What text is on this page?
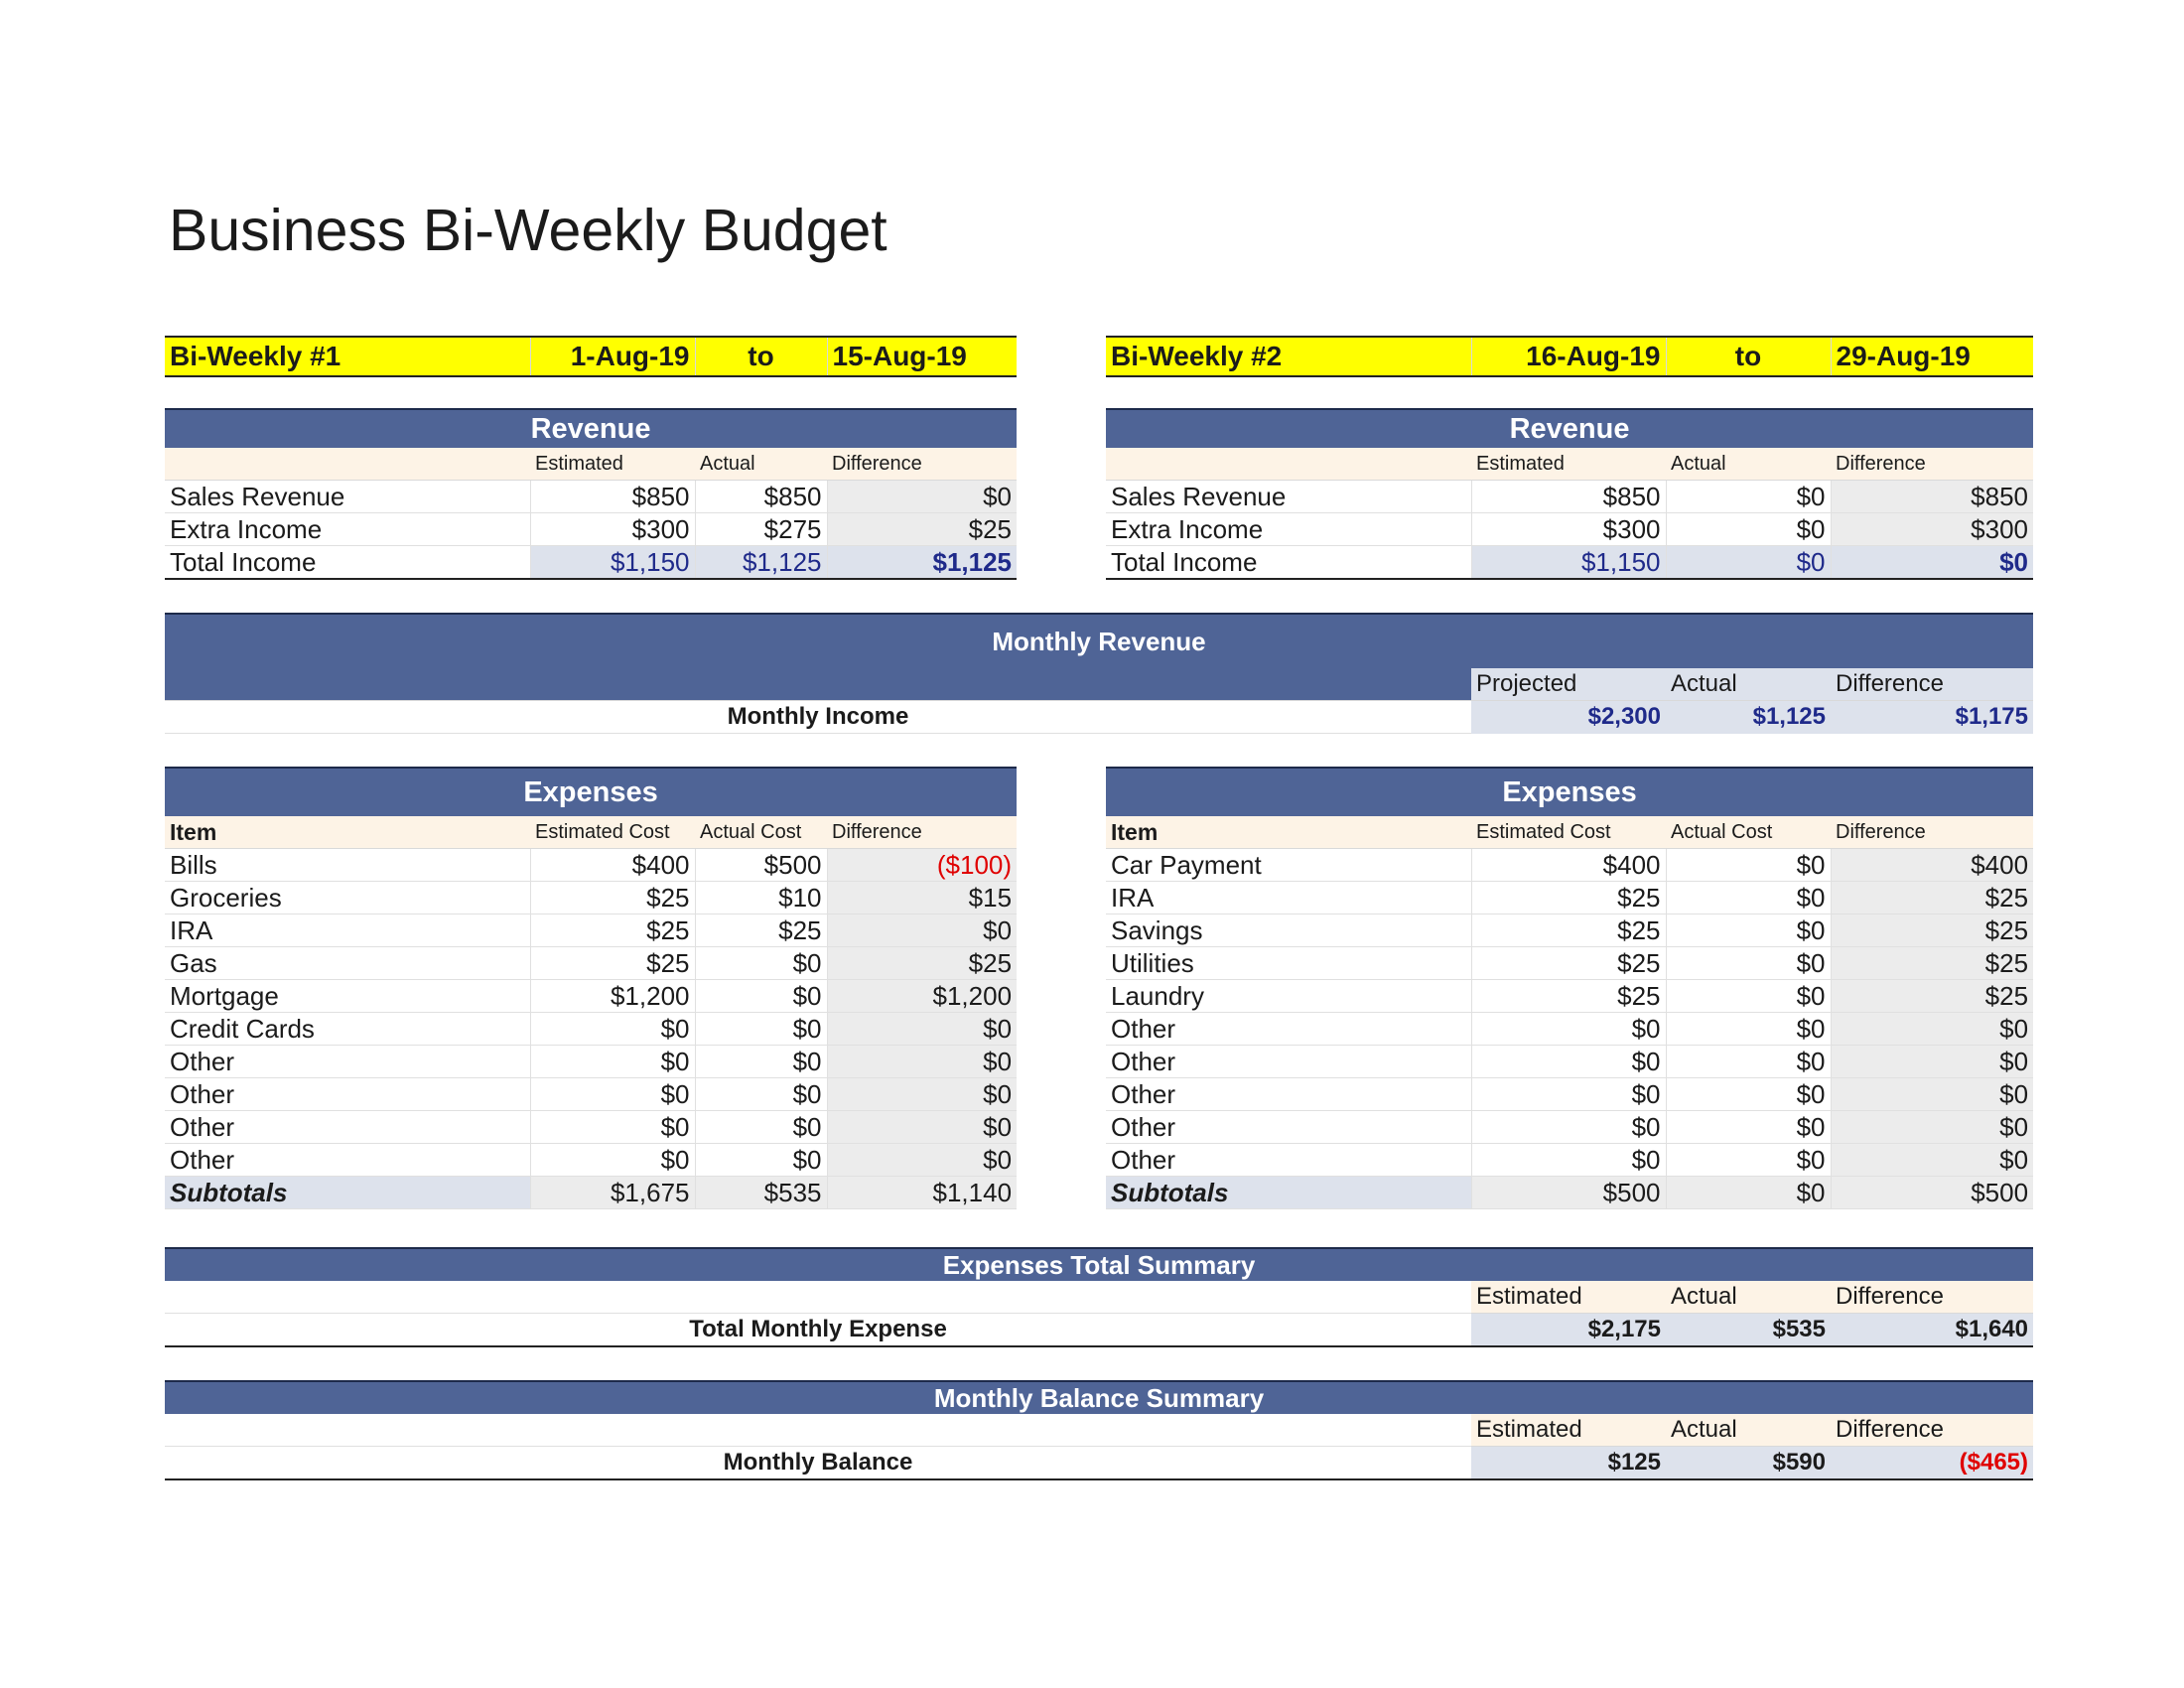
Business Bi-Weekly Budget
Bi-Weekly #1	1-Aug-19	to	15-Aug-19	Bi-Weekly #2	16-Aug-19	to	29-Aug-19
Revenue			
	Estimated	Actual	Difference
Sales Revenue	$850	$850	$0
Extra Income	$300	$275	$25
Total Income	$1,150	$1,125	$1,125
Revenue			
	Estimated	Actual	Difference
Sales Revenue	$850	$0	$850
Extra Income	$300	$0	$300
Total Income	$1,150	$0	$0
Monthly Revenue			
	Projected	Actual	Difference
Monthly Income	$2,300	$1,125	$1,175
Expenses			
Item	Estimated Cost	Actual Cost	Difference
Bills	$400	$500	($100)
Groceries	$25	$10	$15
IRA	$25	$25	$0
Gas	$25	$0	$25
Mortgage	$1,200	$0	$1,200
Credit Cards	$0	$0	$0
Other	$0	$0	$0
Other	$0	$0	$0
Other	$0	$0	$0
Other	$0	$0	$0
Subtotals	$1,675	$535	$1,140
Expenses			
Item	Estimated Cost	Actual Cost	Difference
Car Payment	$400	$0	$400
IRA	$25	$0	$25
Savings	$25	$0	$25
Utilities	$25	$0	$25
Laundry	$25	$0	$25
Other	$0	$0	$0
Other	$0	$0	$0
Other	$0	$0	$0
Other	$0	$0	$0
Other	$0	$0	$0
Subtotals	$500	$0	$500
Expenses Total Summary			
	Estimated	Actual	Difference
Total Monthly Expense	$2,175	$535	$1,640
Monthly Balance Summary			
	Estimated	Actual	Difference
Monthly Balance	$125	$590	($465)
